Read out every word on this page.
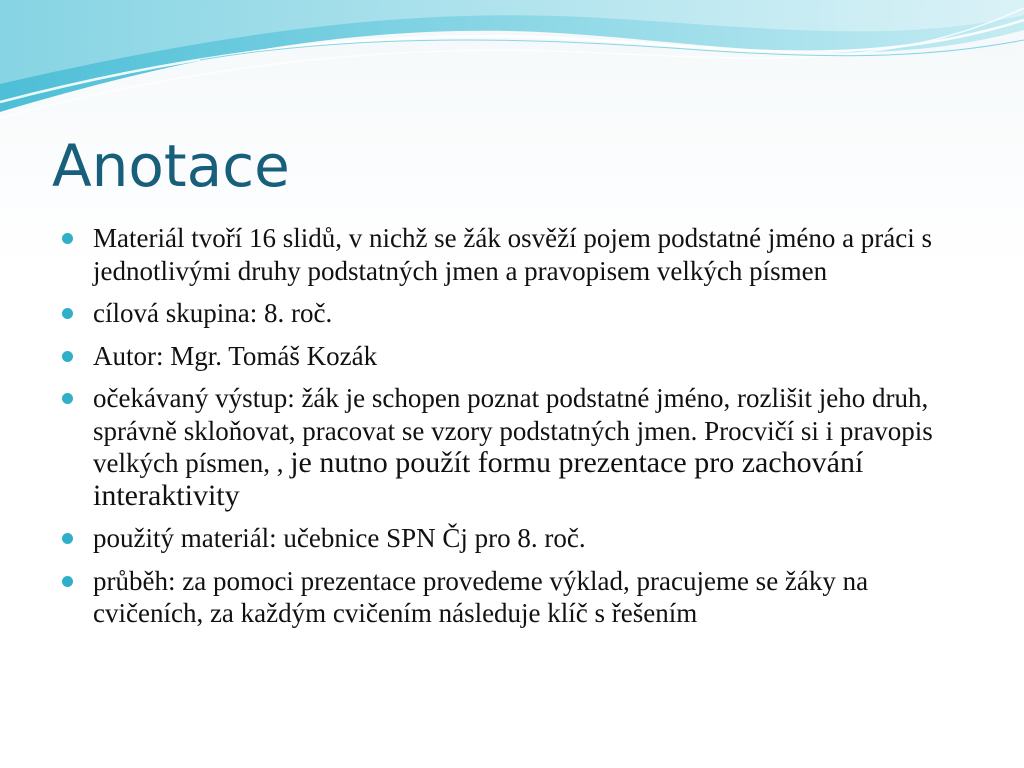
Anotace
Materiál tvoří 16 slidů, v nichž se žák osvěží pojem podstatné jméno a práci s jednotlivými druhy podstatných jmen a pravopisem velkých písmen
cílová skupina: 8. roč.
Autor: Mgr. Tomáš Kozák
očekávaný výstup: žák je schopen poznat podstatné jméno, rozlišit jeho druh, správně skloňovat, pracovat se vzory podstatných jmen. Procvičí si i pravopis velkých písmen, , je nutno použít formu prezentace pro zachování interaktivity
použitý materiál: učebnice SPN Čj pro 8. roč.
průběh: za pomoci prezentace provedeme výklad, pracujeme se žáky na cvičeních, za každým cvičením následuje klíč s řešením
